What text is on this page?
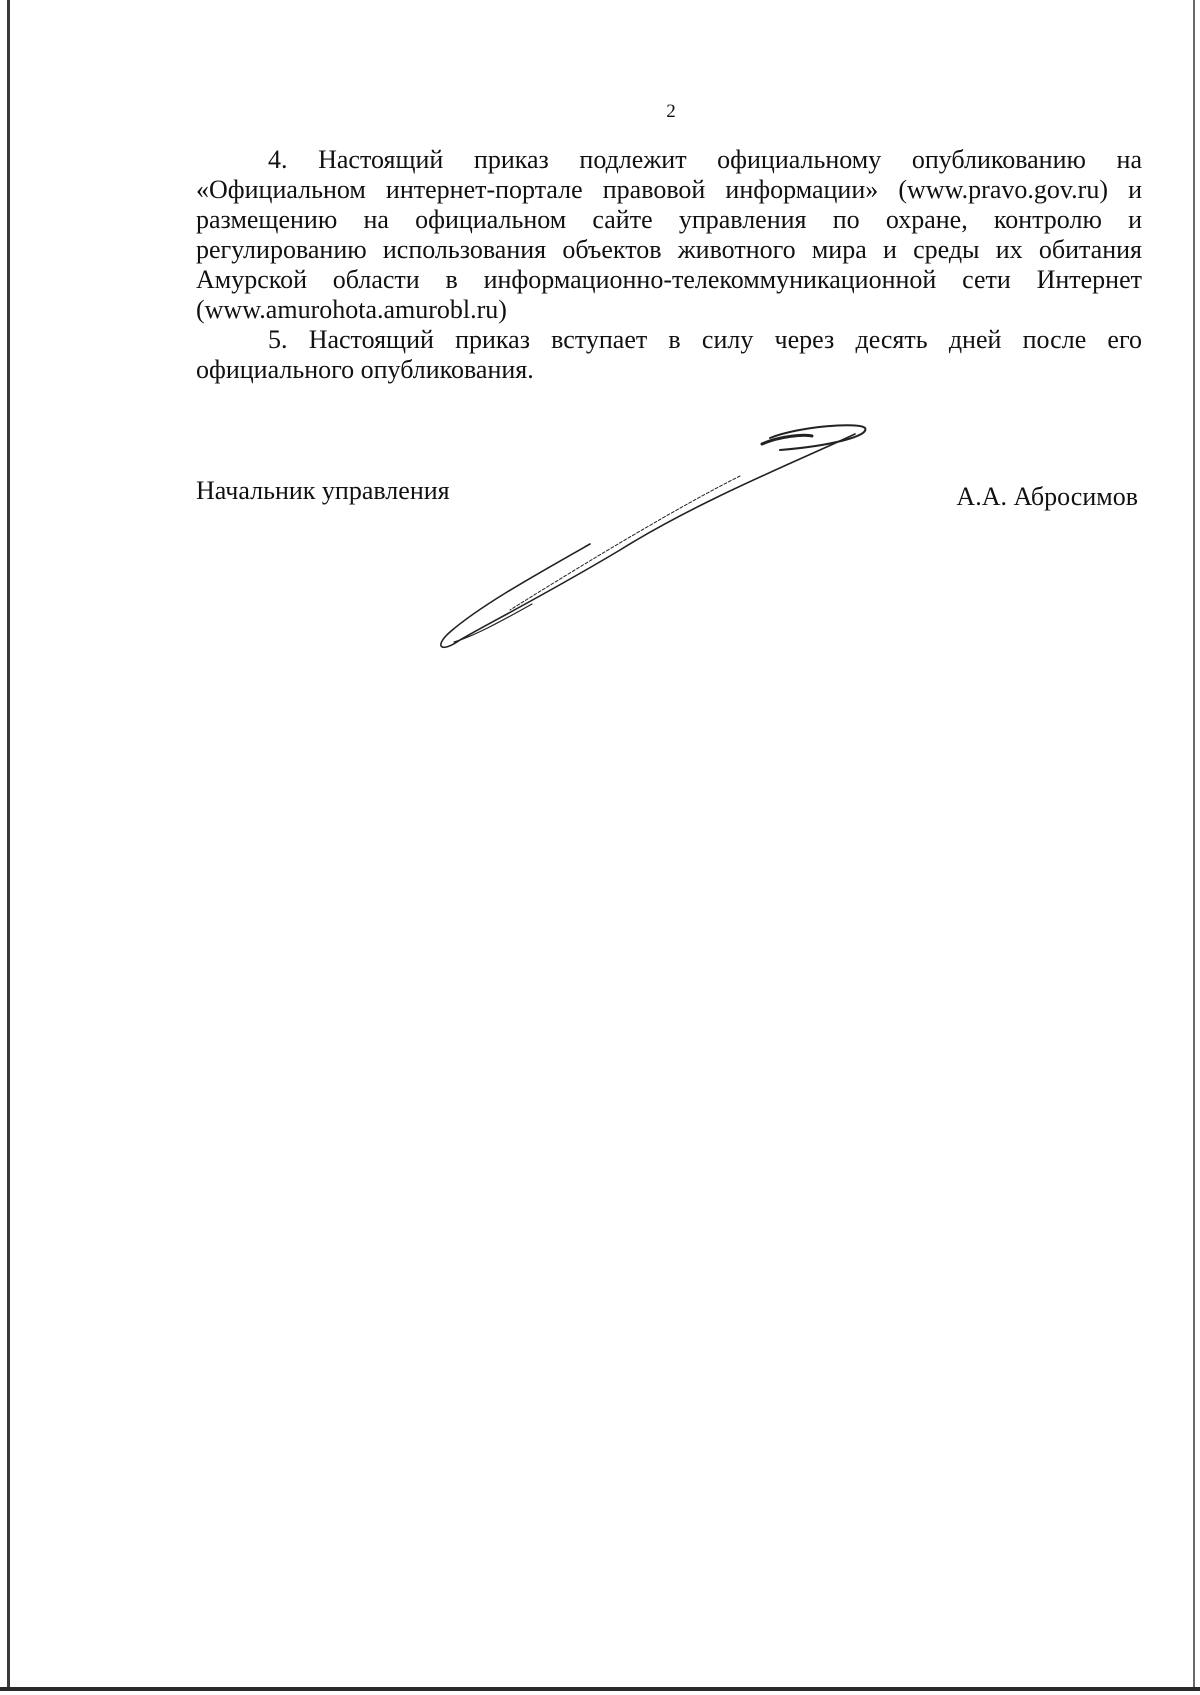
2

4. Настоящий приказ подлежит официальному опубликованию на «Официальном интернет-портале правовой информации» (www.pravo.gov.ru) и размещению на официальном сайте управления по охране, контролю и регулированию использования объектов животного мира и среды их обитания Амурской области в информационно-телекоммуникационной сети Интернет (www.amurohota.amurobl.ru)

5. Настоящий приказ вступает в силу через десять дней после его официального опубликования.

Начальник управления	А.А. Абросимов
